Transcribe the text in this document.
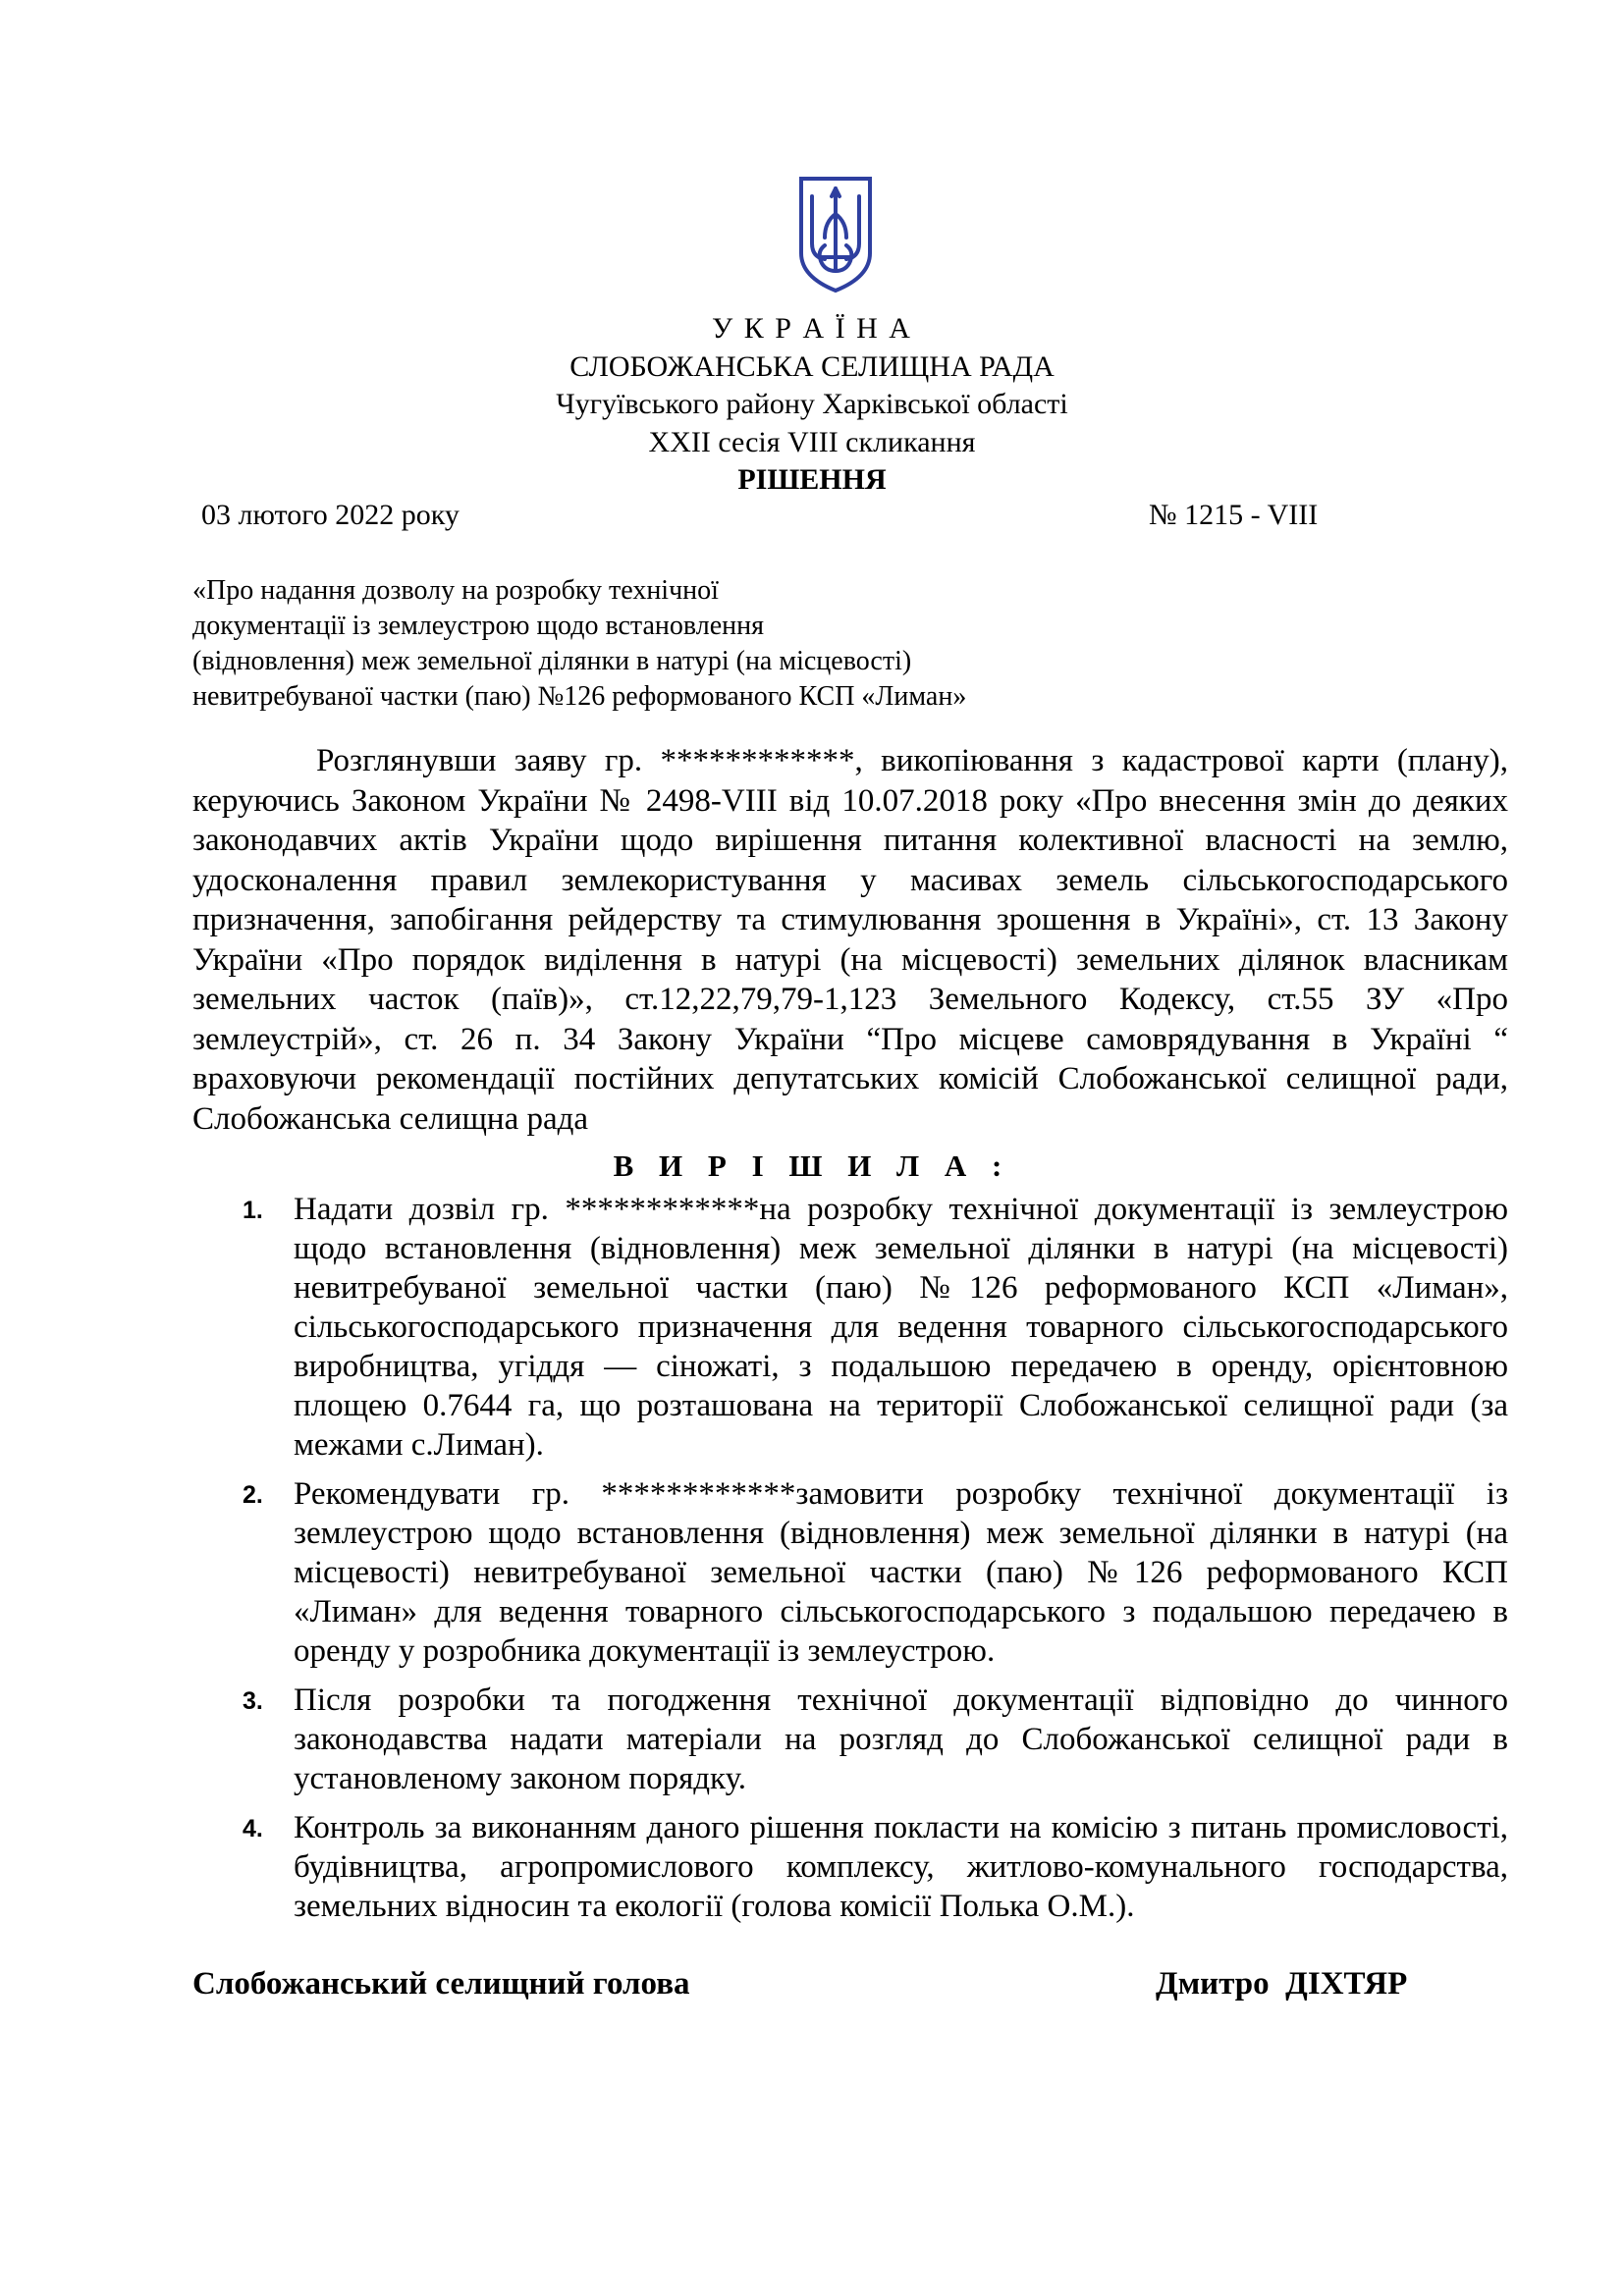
У К Р А Ї Н А
СЛОБОЖАНСЬКА СЕЛИЩНА РАДА
Чугуївського району Харківської області
XXII сесія VIII скликання
РІШЕННЯ
03 лютого 2022 року	№ 1215 - VIII
«Про надання дозволу на розробку технічної
документації із землеустрою щодо встановлення
(відновлення) меж земельної ділянки в натурі (на місцевості)
невитребуваної частки (паю) №126 реформованого КСП «Лиман»

Розглянувши заяву гр. ************, викопіювання з кадастрової карти (плану), керуючись Законом України № 2498-VIII від 10.07.2018 року «Про внесення змін до деяких законодавчих актів України щодо вирішення питання колективної власності на землю, удосконалення правил землекористування у масивах земель сільськогосподарського призначення, запобігання рейдерству та стимулювання зрошення в Україні», ст. 13 Закону України «Про порядок виділення в натурі (на місцевості) земельних ділянок власникам земельних часток (паїв)», ст.12,22,79,79-1,123 Земельного Кодексу, ст.55 ЗУ «Про землеустрій», ст. 26 п. 34 Закону України “Про місцеве самоврядування в Україні “ враховуючи рекомендації постійних депутатських комісій Слобожанської селищної ради, Слобожанська селищна рада

В И Р І Ш И Л А :
1. Надати дозвіл гр. ************на розробку технічної документації із землеустрою щодо встановлення (відновлення) меж земельної ділянки в натурі (на місцевості) невитребуваної земельної частки (паю) №126 реформованого КСП «Лиман», сільськогосподарського призначення для ведення товарного сільськогосподарського виробництва, угіддя — сіножаті, з подальшою передачею в оренду, орієнтовною площею 0.7644 га, що розташована на території Слобожанської селищної ради (за межами с.Лиман).
2. Рекомендувати гр. ************замовити розробку технічної документації із землеустрою щодо встановлення (відновлення) меж земельної ділянки в натурі (на місцевості) невитребуваної земельної частки (паю) №126 реформованого КСП «Лиман» для ведення товарного сільськогосподарського з подальшою передачею в оренду у розробника документації із землеустрою.
3. Після розробки та погодження технічної документації відповідно до чинного законодавства надати матеріали на розгляд до Слобожанської селищної ради в установленому законом порядку.
4. Контроль за виконанням даного рішення покласти на комісію з питань промисловості, будівництва, агропромислового комплексу, житлово-комунального господарства, земельних відносин та екології (голова комісії Полька О.М.).
Слобожанський селищний голова	Дмитро  ДІХТЯР
